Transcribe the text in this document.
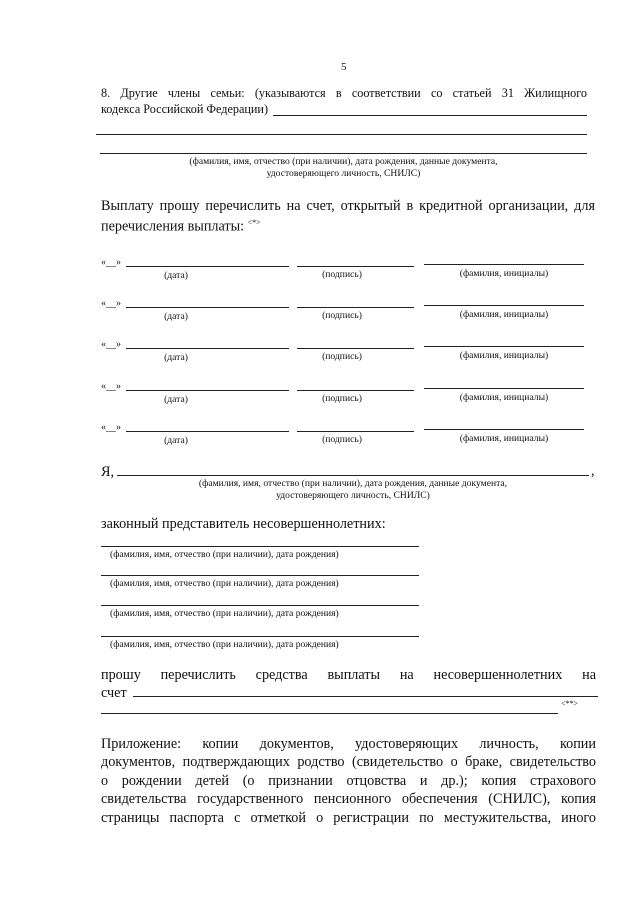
5
8. Другие члены семьи: (указываются в соответствии со статьей 31 Жилищного
кодекса Российской Федерации)
(фамилия, имя, отчество (при наличии), дата рождения, данные документа,
удостоверяющего личность, СНИЛС)
Выплату прошу перечислить на счет, открытый в кредитной организации, для
перечисления выплаты: <*>
«__»
(дата)	(подпись)	(фамилия, инициалы)
«__»
(дата)	(подпись)	(фамилия, инициалы)
«__»
(дата)	(подпись)	(фамилия, инициалы)
«__»
(дата)	(подпись)	(фамилия, инициалы)
«__»
(дата)	(подпись)	(фамилия, инициалы)
Я,	,
(фамилия, имя, отчество (при наличии), дата рождения, данные документа,
удостоверяющего личность, СНИЛС)
законный представитель несовершеннолетних:
(фамилия, имя, отчество (при наличии), дата рождения)
(фамилия, имя, отчество (при наличии), дата рождения)
(фамилия, имя, отчество (при наличии), дата рождения)
(фамилия, имя, отчество (при наличии), дата рождения)
прошу перечислить средства выплаты на несовершеннолетних на
счет
<**>
Приложение: копии документов, удостоверяющих личность, копии
документов, подтверждающих родство (свидетельство о браке, свидетельство
о рождении детей (о признании отцовства и др.); копия страхового
свидетельства государственного пенсионного обеспечения (СНИЛС), копия
страницы паспорта с отметкой о регистрации по местужительства, иного
